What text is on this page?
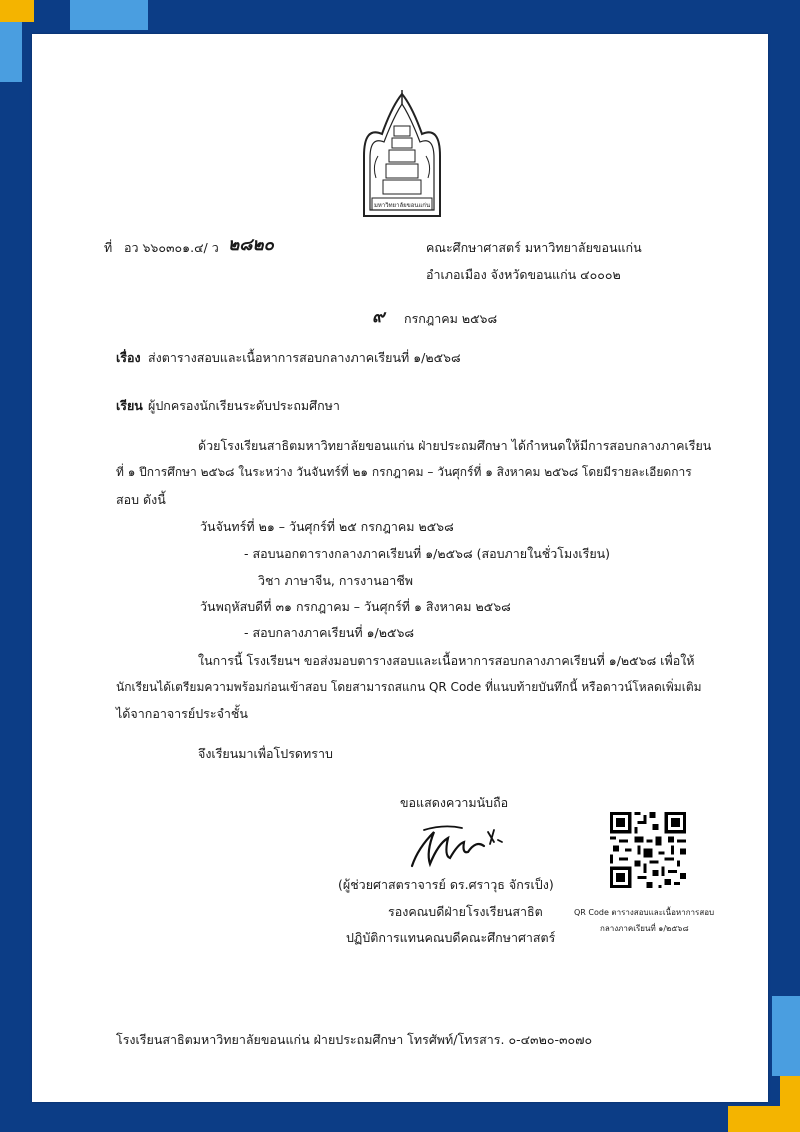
มหาวิทยาลัยขอนแก่น
ที่ อว ๖๖๐๓๐๑.๔/ ว ๒๘๒๐	คณะศึกษาศาสตร์ มหาวิทยาลัยขอนแก่น
อำเภอเมือง จังหวัดขอนแก่น ๔๐๐๐๒
๙ กรกฎาคม ๒๕๖๘
เรื่อง ส่งตารางสอบและเนื้อหาการสอบกลางภาคเรียนที่ ๑/๒๕๖๘
เรียน ผู้ปกครองนักเรียนระดับประถมศึกษา
ด้วยโรงเรียนสาธิตมหาวิทยาลัยขอนแก่น ฝ่ายประถมศึกษา ได้กำหนดให้มีการสอบกลางภาคเรียน
ที่ ๑ ปีการศึกษา ๒๕๖๘ ในระหว่าง วันจันทร์ที่ ๒๑ กรกฎาคม – วันศุกร์ที่ ๑ สิงหาคม ๒๕๖๘ โดยมีรายละเอียดการ
สอบ ดังนี้
วันจันทร์ที่ ๒๑ – วันศุกร์ที่ ๒๕ กรกฎาคม ๒๕๖๘
- สอบนอกตารางกลางภาคเรียนที่ ๑/๒๕๖๘ (สอบภายในชั่วโมงเรียน)
วิชา ภาษาจีน, การงานอาชีพ
วันพฤหัสบดีที่ ๓๑ กรกฎาคม – วันศุกร์ที่ ๑ สิงหาคม ๒๕๖๘
- สอบกลางภาคเรียนที่ ๑/๒๕๖๘
ในการนี้ โรงเรียนฯ ขอส่งมอบตารางสอบและเนื้อหาการสอบกลางภาคเรียนที่ ๑/๒๕๖๘ เพื่อให้
นักเรียนได้เตรียมความพร้อมก่อนเข้าสอบ โดยสามารถสแกน QR Code ที่แนบท้ายบันทึกนี้ หรือดาวน์โหลดเพิ่มเติม
ได้จากอาจารย์ประจำชั้น
จึงเรียนมาเพื่อโปรดทราบ
ขอแสดงความนับถือ
(ผู้ช่วยศาสตราจารย์ ดร.ศราวุธ จักรเป็ง)
รองคณบดีฝ่ายโรงเรียนสาธิต
ปฏิบัติการแทนคณบดีคณะศึกษาศาสตร์
QR Code ตารางสอบและเนื้อหาการสอบ
กลางภาคเรียนที่ ๑/๒๕๖๘
โรงเรียนสาธิตมหาวิทยาลัยขอนแก่น ฝ่ายประถมศึกษา โทรศัพท์/โทรสาร. ๐-๔๓๒๐-๓๐๗๐
